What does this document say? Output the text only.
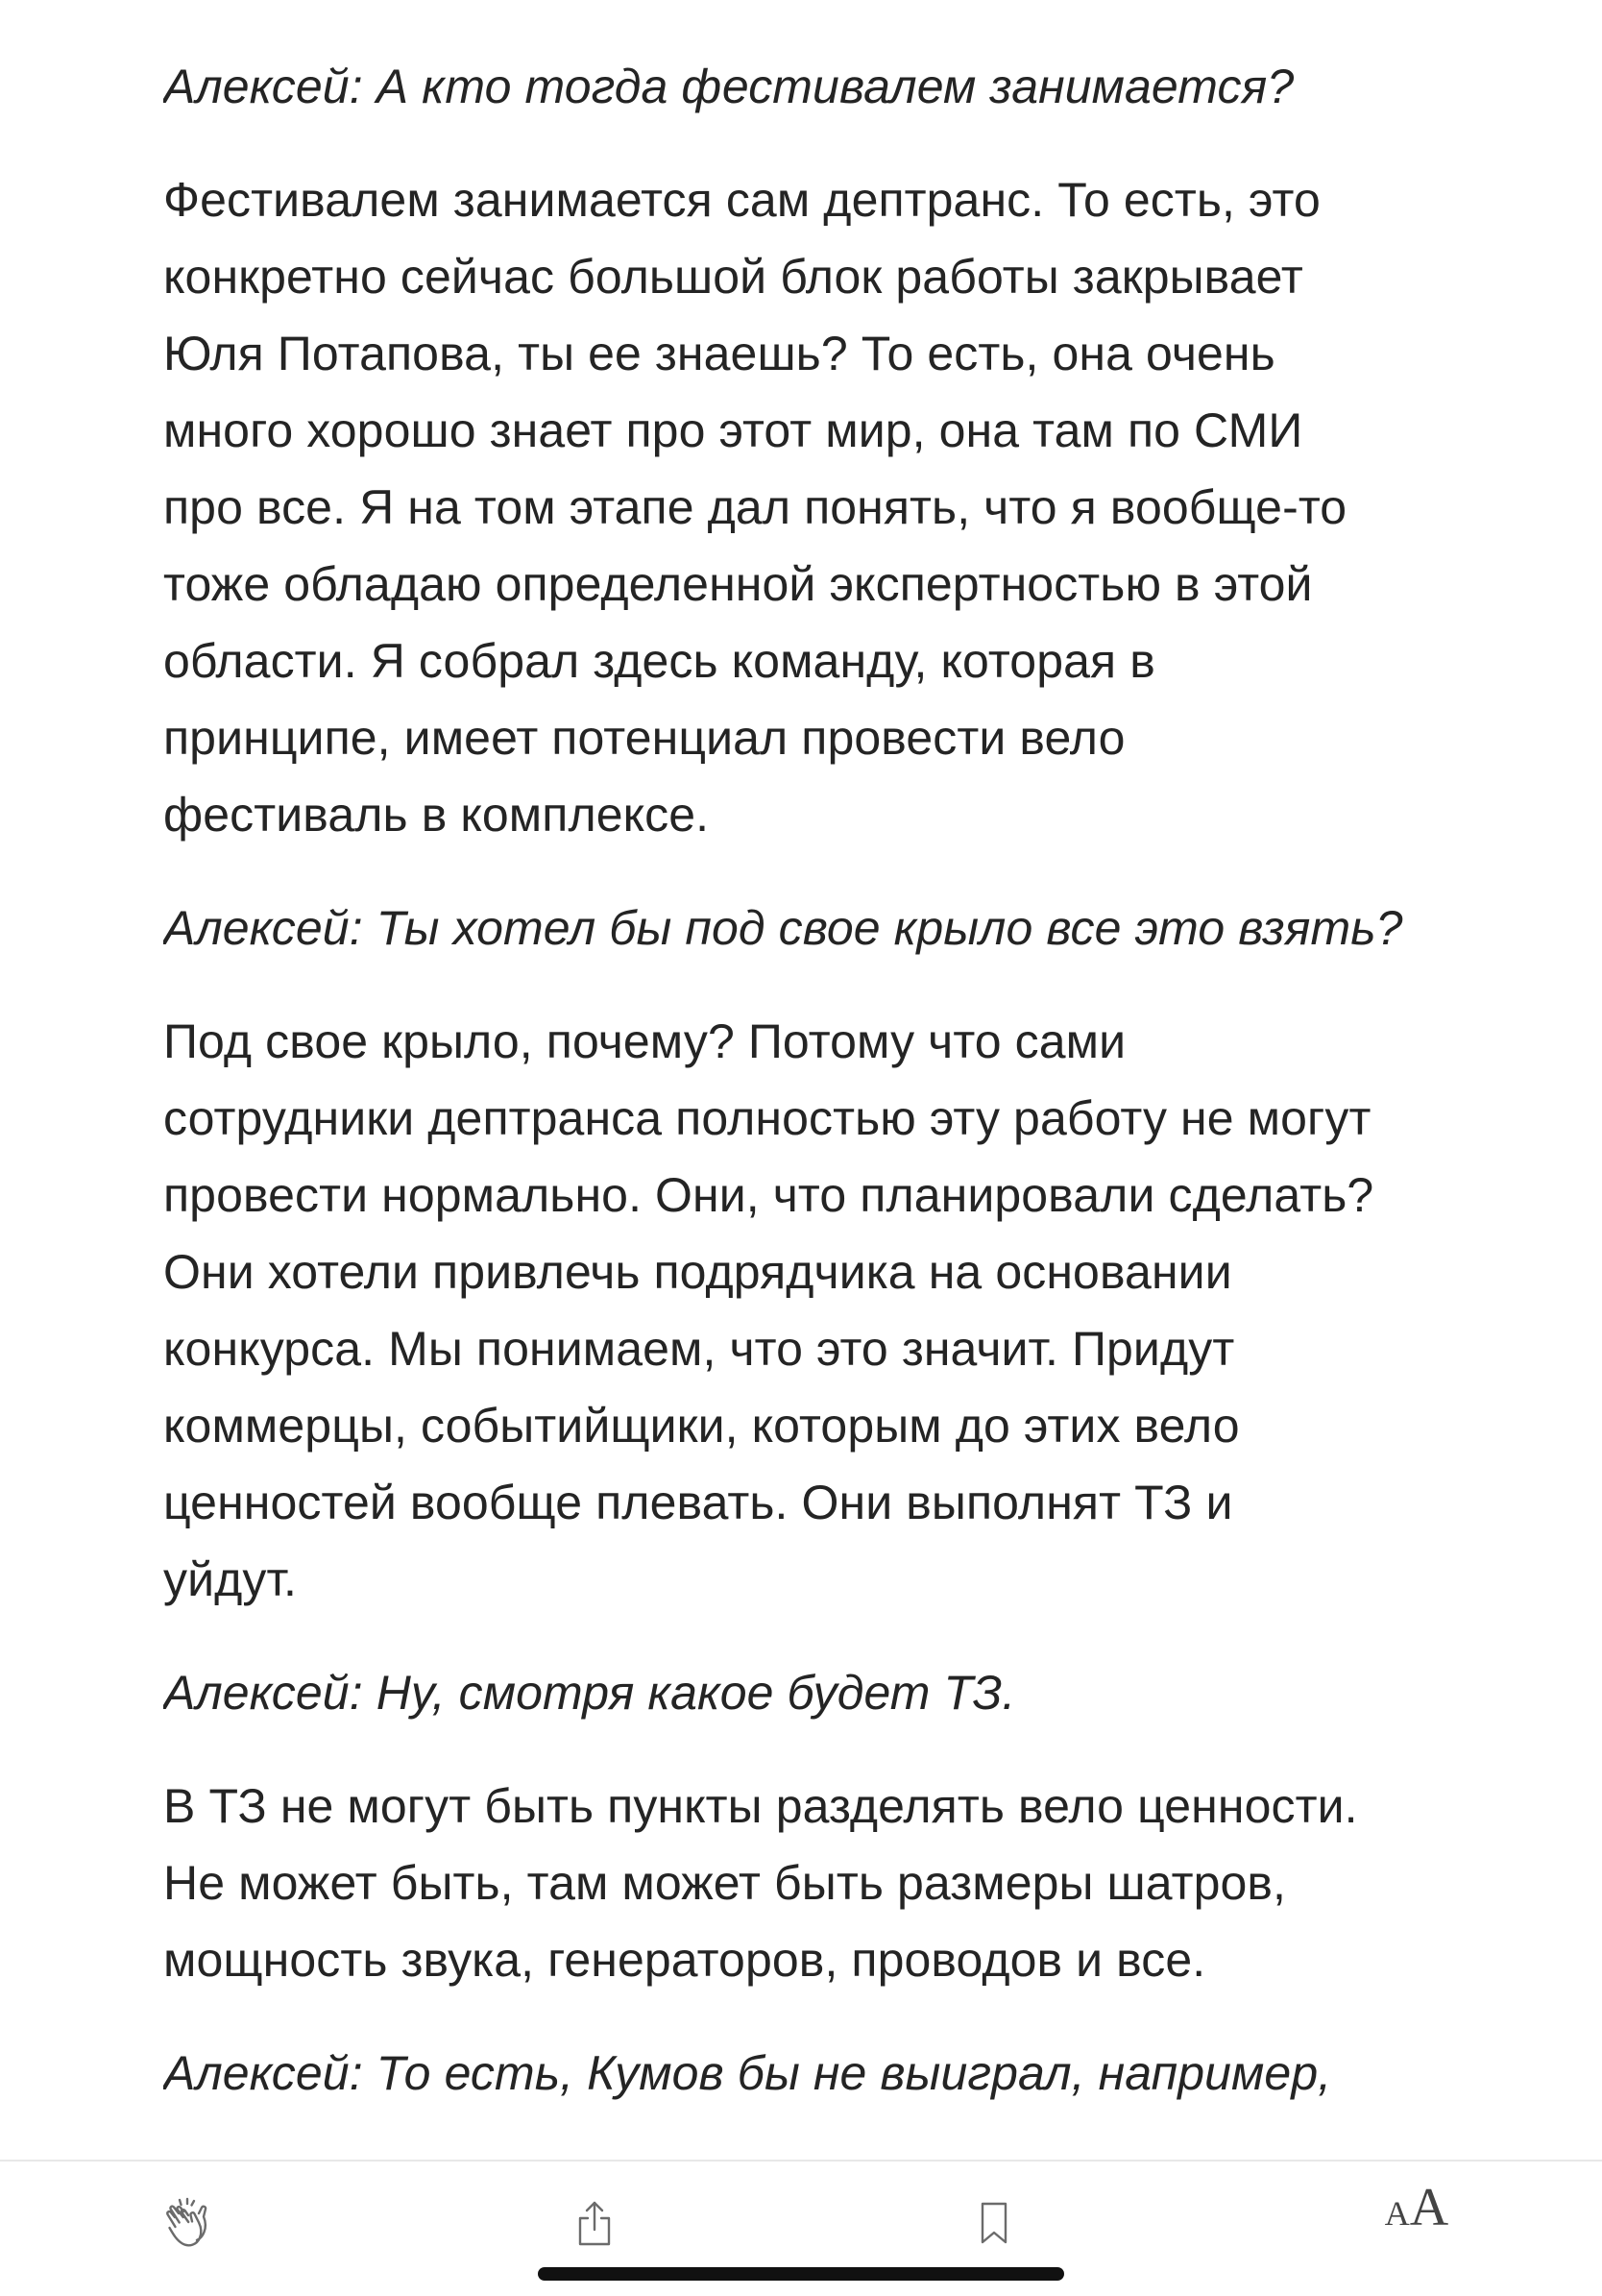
Алексей: А кто тогда фестивалем занимается?

Фестивалем занимается сам дептранс. То есть, это
конкретно сейчас большой блок работы закрывает
Юля Потапова, ты ее знаешь? То есть, она очень
много хорошо знает про этот мир, она там по СМИ
про все. Я на том этапе дал понять, что я вообще-то
тоже обладаю определенной экспертностью в этой
области. Я собрал здесь команду, которая в
принципе, имеет потенциал провести вело
фестиваль в комплексе.

Алексей: Ты хотел бы под свое крыло все это взять?

Под свое крыло, почему? Потому что сами
сотрудники дептранса полностью эту работу не могут
провести нормально. Они, что планировали сделать?
Они хотели привлечь подрядчика на основании
конкурса. Мы понимаем, что это значит. Придут
коммерцы, событийщики, которым до этих вело
ценностей вообще плевать. Они выполнят ТЗ и
уйдут.

Алексей: Ну, смотря какое будет ТЗ.

В ТЗ не могут быть пункты разделять вело ценности.
Не может быть, там может быть размеры шатров,
мощность звука, генераторов, проводов и все.

Алексей: То есть, Кумов бы не выиграл, например,

A A
